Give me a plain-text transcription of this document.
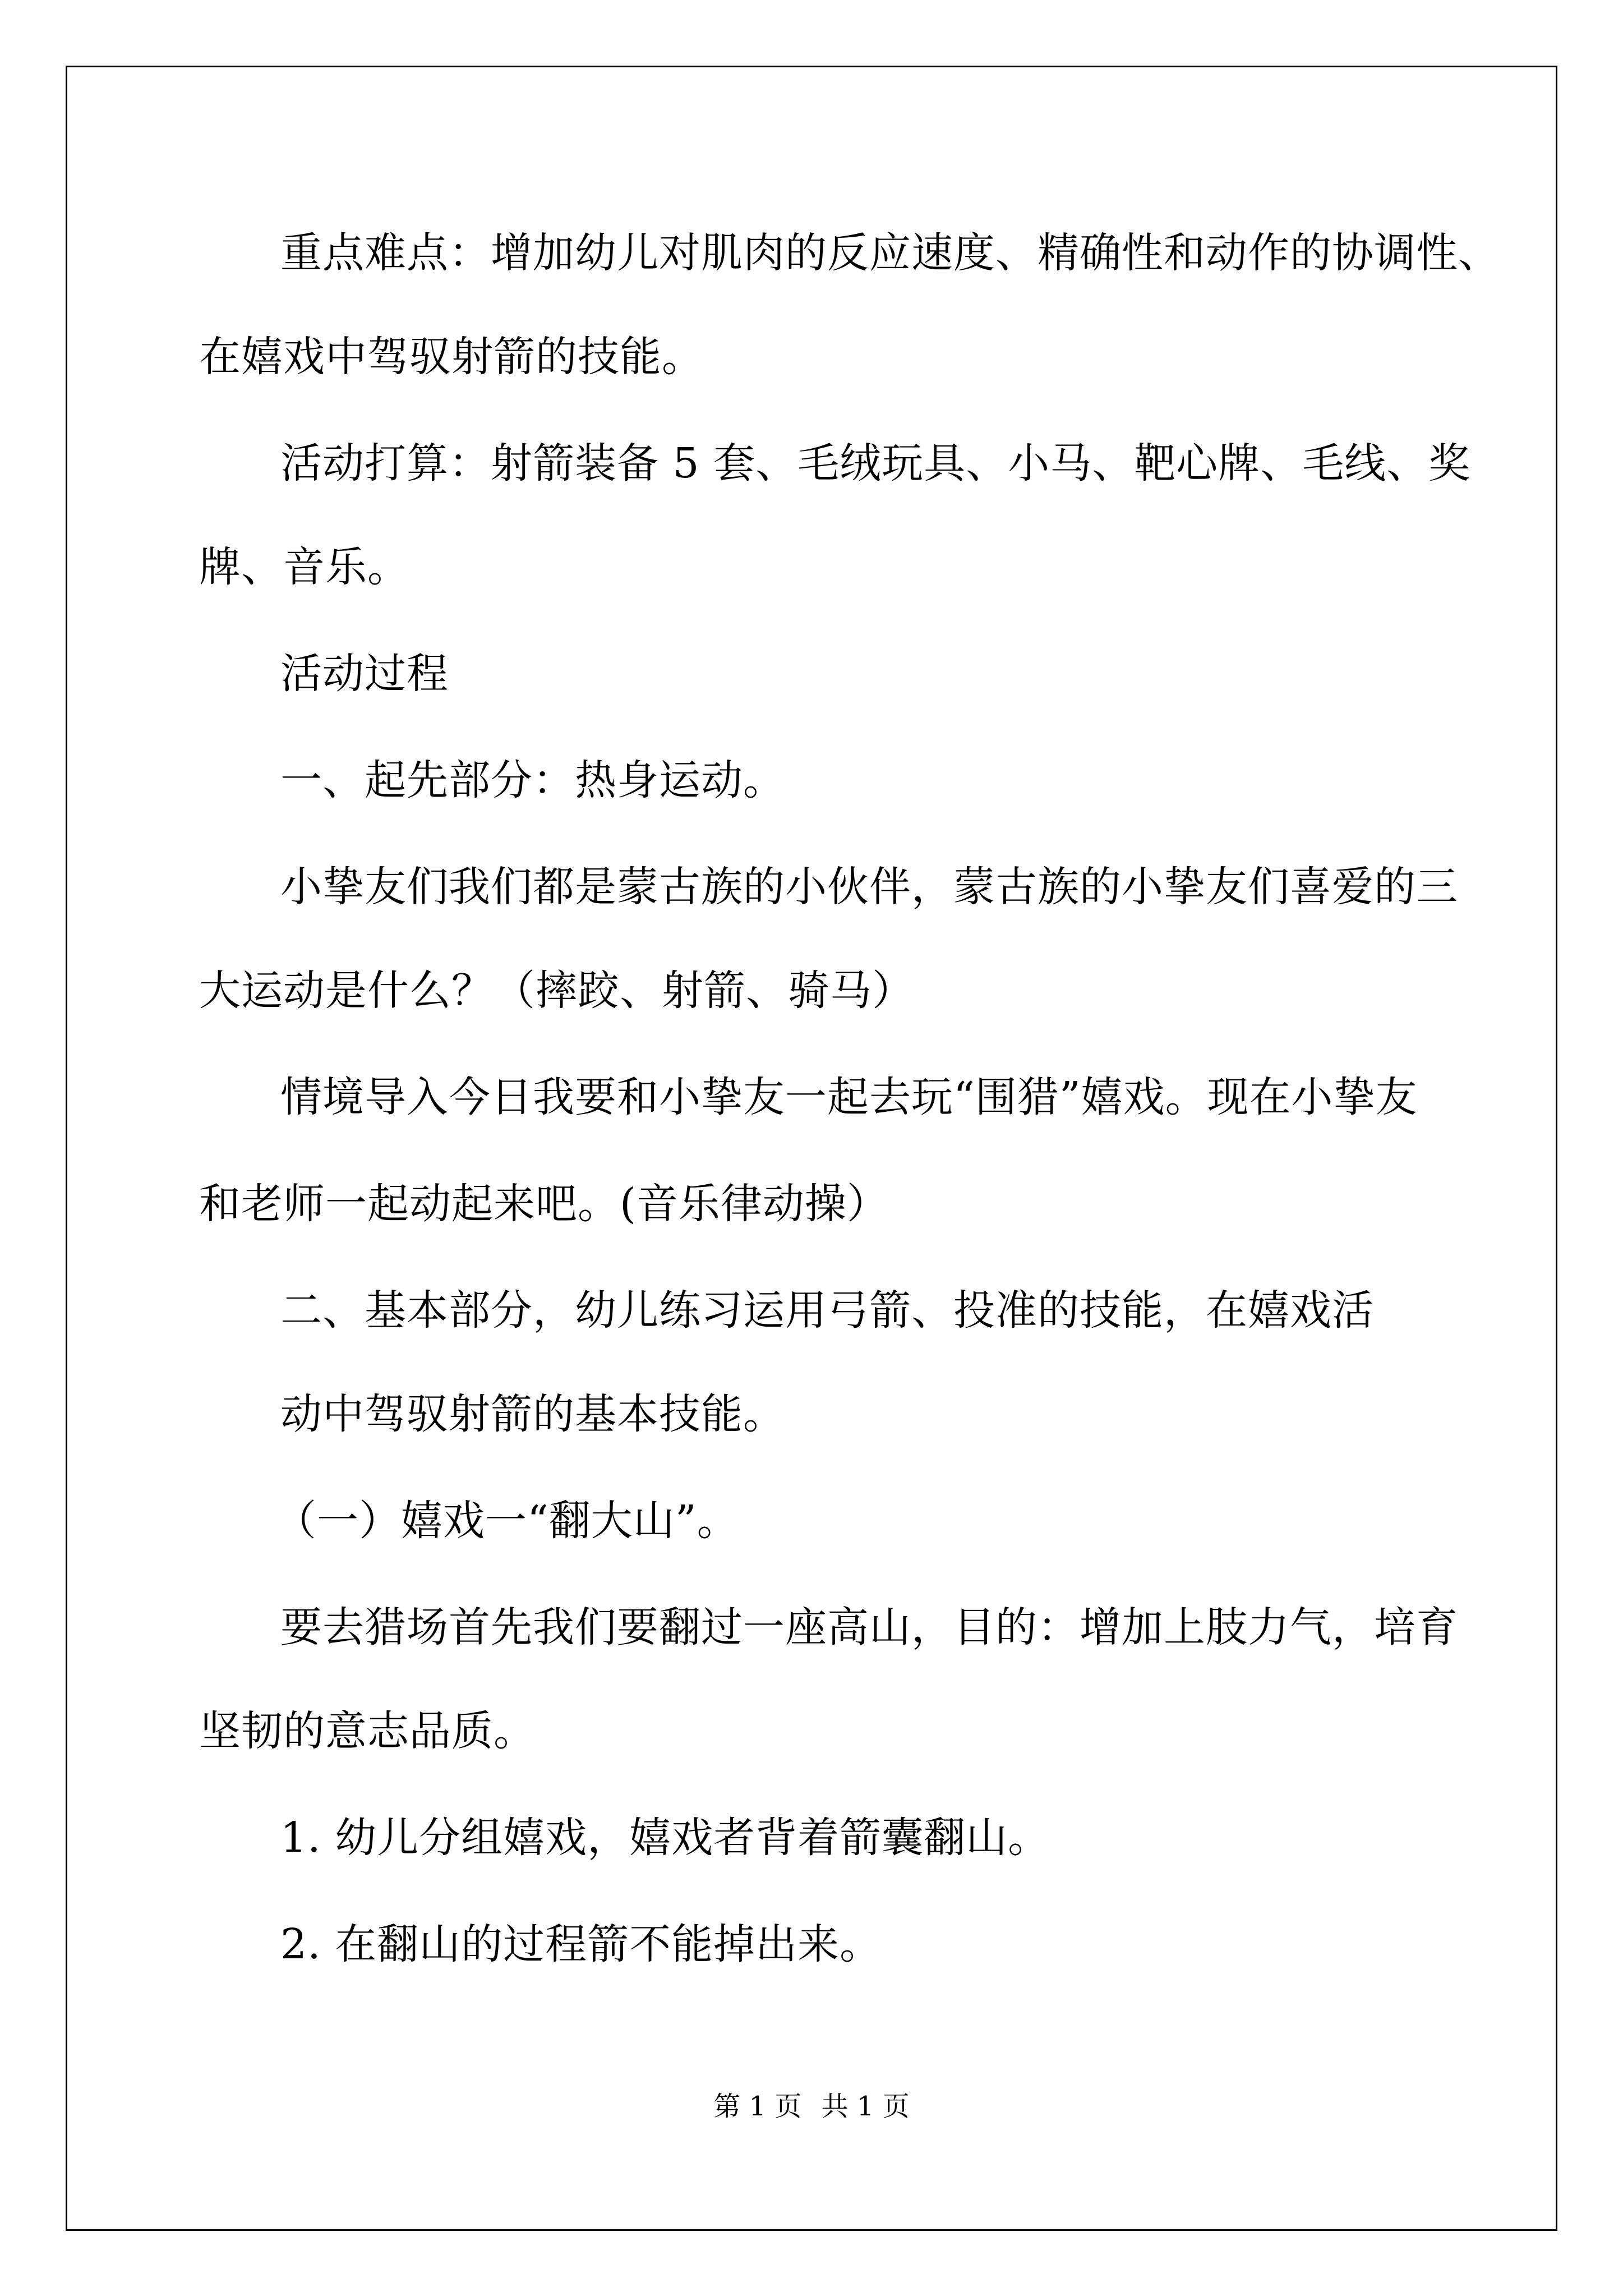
重点难点：增加幼儿对肌肉的反应速度、精确性和动作的协调性、
在嬉戏中驾驭射箭的技能。
活动打算：射箭装备 5 套、毛绒玩具、小马、靶心牌、毛线、奖
牌、音乐。
活动过程
一、起先部分：热身运动。
小挚友们我们都是蒙古族的小伙伴，蒙古族的小挚友们喜爱的三
大运动是什么？（摔跤、射箭、骑马）
情境导入今日我要和小挚友一起去玩“围猎”嬉戏。现在小挚友
和老师一起动起来吧。(音乐律动操）
二、基本部分，幼儿练习运用弓箭、投准的技能，在嬉戏活
动中驾驭射箭的基本技能。
（一）嬉戏一“翻大山”。
要去猎场首先我们要翻过一座高山，目的：增加上肢力气，培育
坚韧的意志品质。
1. 幼儿分组嬉戏，嬉戏者背着箭囊翻山。
2. 在翻山的过程箭不能掉出来。
第 1 页 共 1 页
